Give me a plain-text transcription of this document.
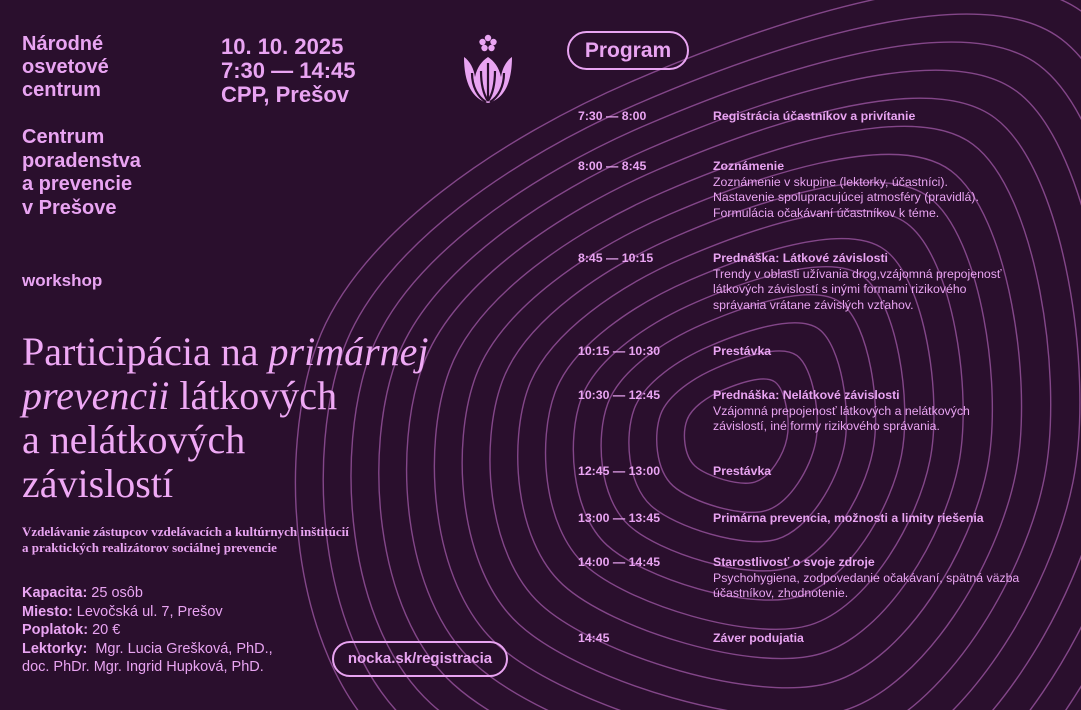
Národné
osvetové
centrum
Centrum
poradenstva
a prevencie
v Prešove
10. 10. 2025
7:30 — 14:45
CPP, Prešov
workshop
Participácia na primárnej
prevencii látkových
a nelátkových
závislostí
Vzdelávanie zástupcov vzdelávacích a kultúrnych inštitúcií
a praktických realizátorov sociálnej prevencie
Kapacita: 25 osôb
Miesto: Levočská ul. 7, Prešov
Poplatok: 20 €
Lektorky:  Mgr. Lucia Grešková, PhD.,
doc. PhDr. Mgr. Ingrid Hupková, PhD.	nocka.sk/registracia
Program
7:30 — 8:00	Registrácia účastníkov a privítanie
8:00 — 8:45	Zoznámenie
Zoznámenie v skupine (lektorky, účastníci).
Nastavenie spolupracujúcej atmosféry (pravidlá).
Formulácia očakávaní účastníkov k téme.
8:45 — 10:15	Prednáška: Látkové závislosti
Trendy v oblasti užívania drog,vzájomná prepojenosť
látkových závislostí s inými formami rizikového
správania vrátane závislých vzťahov.
10:15 — 10:30	Prestávka
10:30 — 12:45	Prednáška: Nelátkové závislosti
Vzájomná prepojenosť látkových a nelátkových
závislostí, iné formy rizikového správania.
12:45 — 13:00	Prestávka
13:00 — 13:45	Primárna prevencia, možnosti a limity riešenia
14:00 — 14:45	Starostlivosť o svoje zdroje
Psychohygiena, zodpovedanie očakávaní, spätná väzba
účastníkov, zhodnotenie.
14:45	Záver podujatia
